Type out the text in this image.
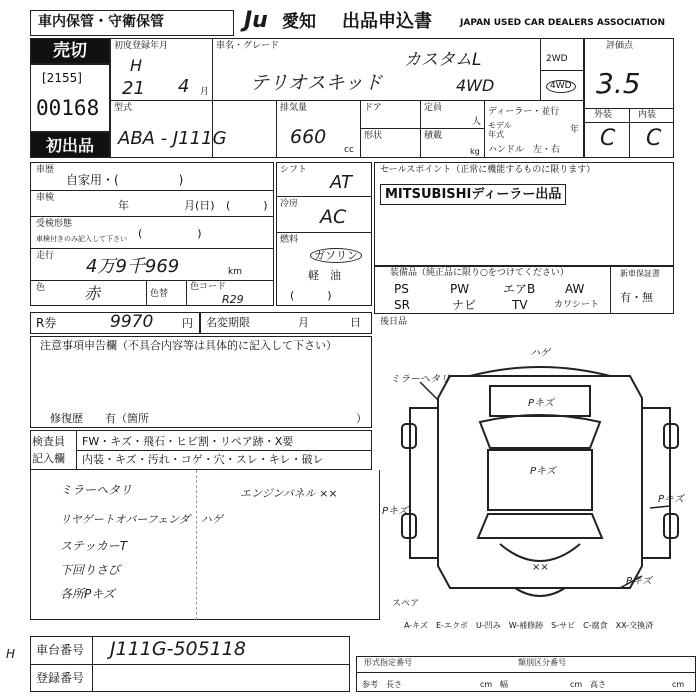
車内保管・守衛保管	Ju 愛知 出品申込書	JAPAN USED CAR DEALERS ASSOCIATION
売切
[2155]
00168
初出品
初度登録年月
H
21 4 月
車名・グレード
テリオスキッド
カスタムL
4WD
2WD
4WD
型式
ABA - J111G
排気量
660
cc
ドア
形状
定員
人
積載
kg
ディーラー・並行
モデル
年式	年
ハンドル　左・右
評価点
3.5
外装	内装
C C
車歴
自家用・(　　　　　)
車検
年	月(日) (　　　)
受検形態
車検付きのみ記入して下さい (　　　　　)
走行 4万9千969	km
色 赤	色替
色コード
R29
シフト
AT
冷房
AC
燃料
ガソリン
軽　油
(　　　)
セールスポイント（正常に機能するものに限ります）
MITSUBISHIディーラー出品
装備品（純正品に限り○をつけてください）
PS	PW	エアB AW
SR	ナビ	TV	カワシート
新車保証書
有・無
R券	9970	円 名変期限	月	日 後日品
注意事項申告欄（不具合内容等は具体的に記入して下さい）
修復歴　　有（箇所	）
検査員
記入欄
FW・キズ・飛石・ヒビ割・リペア跡・X要
内装・キズ・汚れ・コゲ・穴・スレ・キレ・破レ
ミラーヘタリ
リヤゲートオバーフェンダ　ハゲ
ステッカーT
下回りさび
各所Pキズ
エンジンパネル ××
ミラーヘタリ
ハゲ
Pキズ
Pキズ
Pキズ
Pキズ
××
Pキズ
スペア
A-キズ　E-エクボ　U-凹み　W-補修跡　S-サビ　C-腐食　XX-交換済
H 車台番号 J111G-505118
登録番号
形式指定番号	類別区分番号
参考 長さ	cm 幅	cm 高さ	cm
